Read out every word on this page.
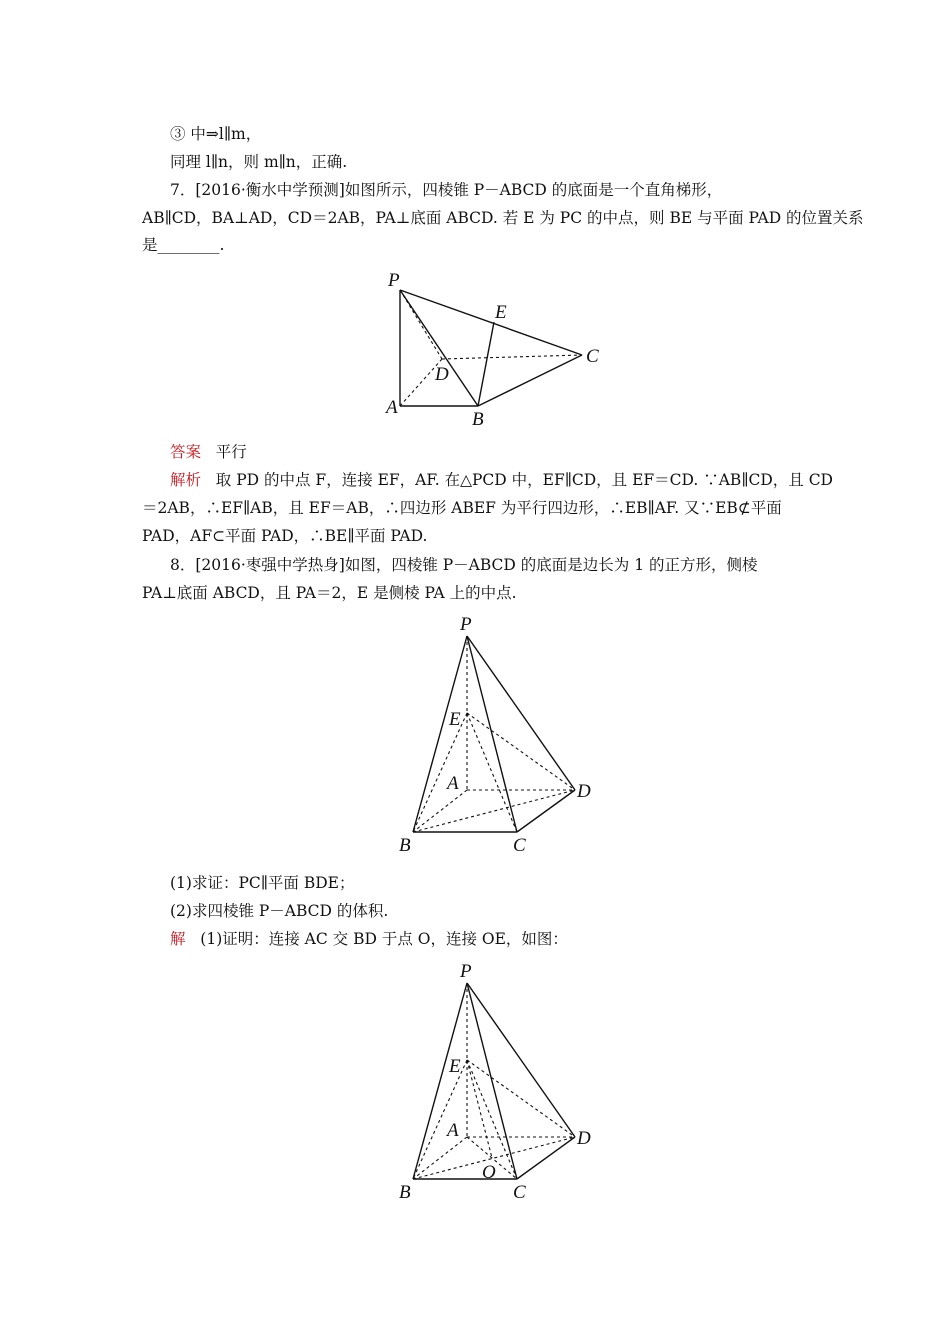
③ 中⇒l∥m，
同理 l∥n，则 m∥n，正确.
7．[2016·衡水中学预测]如图所示，四棱锥 P－ABCD 的底面是一个直角梯形，
AB∥CD，BA⊥AD，CD＝2AB，PA⊥底面 ABCD. 若 E 为 PC 的中点，则 BE 与平面 PAD 的位置关系
是________.
P
E
C
D
A
B
答案 平行
解析 取 PD 的中点 F，连接 EF，AF. 在△PCD 中，EF∥CD，且 EF＝CD. ∵AB∥CD，且 CD
＝2AB，∴EF∥AB，且 EF＝AB，∴四边形 ABEF 为平行四边形，∴EB∥AF. 又∵EB⊄平面
PAD，AF⊂平面 PAD，∴BE∥平面 PAD.
8．[2016·枣强中学热身]如图，四棱锥 P－ABCD 的底面是边长为 1 的正方形，侧棱
PA⊥底面 ABCD，且 PA＝2，E 是侧棱 PA 上的中点.
P
E
A	D
B	C
(1)求证：PC∥平面 BDE；
(2)求四棱锥 P－ABCD 的体积.
解 (1)证明：连接 AC 交 BD 于点 O，连接 OE，如图：
P
E
A	D
O
B	C
